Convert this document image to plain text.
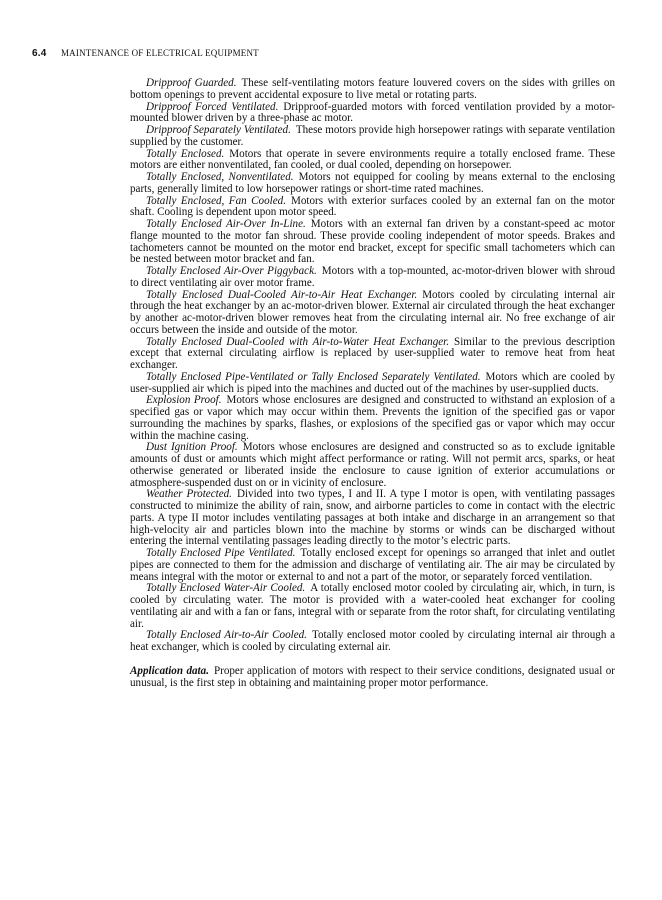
6.4 MAINTENANCE OF ELECTRICAL EQUIPMENT

Dripproof Guarded. These self-ventilating motors feature louvered covers on the sides with grilles on bottom openings to prevent accidental exposure to live metal or rotating parts.

Dripproof Forced Ventilated. Dripproof-guarded motors with forced ventilation provided by a motor-mounted blower driven by a three-phase ac motor.

Dripproof Separately Ventilated. These motors provide high horsepower ratings with separate ventilation supplied by the customer.

Totally Enclosed. Motors that operate in severe environments require a totally enclosed frame. These motors are either nonventilated, fan cooled, or dual cooled, depending on horsepower.

Totally Enclosed, Nonventilated. Motors not equipped for cooling by means external to the enclosing parts, generally limited to low horsepower ratings or short-time rated machines.

Totally Enclosed, Fan Cooled. Motors with exterior surfaces cooled by an external fan on the motor shaft. Cooling is dependent upon motor speed.

Totally Enclosed Air-Over In-Line. Motors with an external fan driven by a constant-speed ac motor flange mounted to the motor fan shroud. These provide cooling independent of motor speeds. Brakes and tachometers cannot be mounted on the motor end bracket, except for specific small tachometers which can be nested between motor bracket and fan.

Totally Enclosed Air-Over Piggyback. Motors with a top-mounted, ac-motor-driven blower with shroud to direct ventilating air over motor frame.

Totally Enclosed Dual-Cooled Air-to-Air Heat Exchanger. Motors cooled by circulating internal air through the heat exchanger by an ac-motor-driven blower. External air circulated through the heat exchanger by another ac-motor-driven blower removes heat from the circulating internal air. No free exchange of air occurs between the inside and outside of the motor.

Totally Enclosed Dual-Cooled with Air-to-Water Heat Exchanger. Similar to the previous description except that external circulating airflow is replaced by user-supplied water to remove heat from heat exchanger.

Totally Enclosed Pipe-Ventilated or Tally Enclosed Separately Ventilated. Motors which are cooled by user-supplied air which is piped into the machines and ducted out of the machines by user-supplied ducts.

Explosion Proof. Motors whose enclosures are designed and constructed to withstand an explosion of a specified gas or vapor which may occur within them. Prevents the ignition of the specified gas or vapor surrounding the machines by sparks, flashes, or explosions of the specified gas or vapor which may occur within the machine casing.

Dust Ignition Proof. Motors whose enclosures are designed and constructed so as to exclude ignitable amounts of dust or amounts which might affect performance or rating. Will not permit arcs, sparks, or heat otherwise generated or liberated inside the enclosure to cause ignition of exterior accumulations or atmosphere-suspended dust on or in vicinity of enclosure.

Weather Protected. Divided into two types, I and II. A type I motor is open, with ventilating passages constructed to minimize the ability of rain, snow, and airborne particles to come in contact with the electric parts. A type II motor includes ventilating passages at both intake and discharge in an arrangement so that high-velocity air and particles blown into the machine by storms or winds can be discharged without entering the internal ventilating passages leading directly to the motor’s electric parts.

Totally Enclosed Pipe Ventilated. Totally enclosed except for openings so arranged that inlet and outlet pipes are connected to them for the admission and discharge of ventilating air. The air may be circulated by means integral with the motor or external to and not a part of the motor, or separately forced ventilation.

Totally Enclosed Water-Air Cooled. A totally enclosed motor cooled by circulating air, which, in turn, is cooled by circulating water. The motor is provided with a water-cooled heat exchanger for cooling ventilating air and with a fan or fans, integral with or separate from the rotor shaft, for circulating ventilating air.

Totally Enclosed Air-to-Air Cooled. Totally enclosed motor cooled by circulating internal air through a heat exchanger, which is cooled by circulating external air.

Application data. Proper application of motors with respect to their service conditions, designated usual or unusual, is the first step in obtaining and maintaining proper motor performance.
